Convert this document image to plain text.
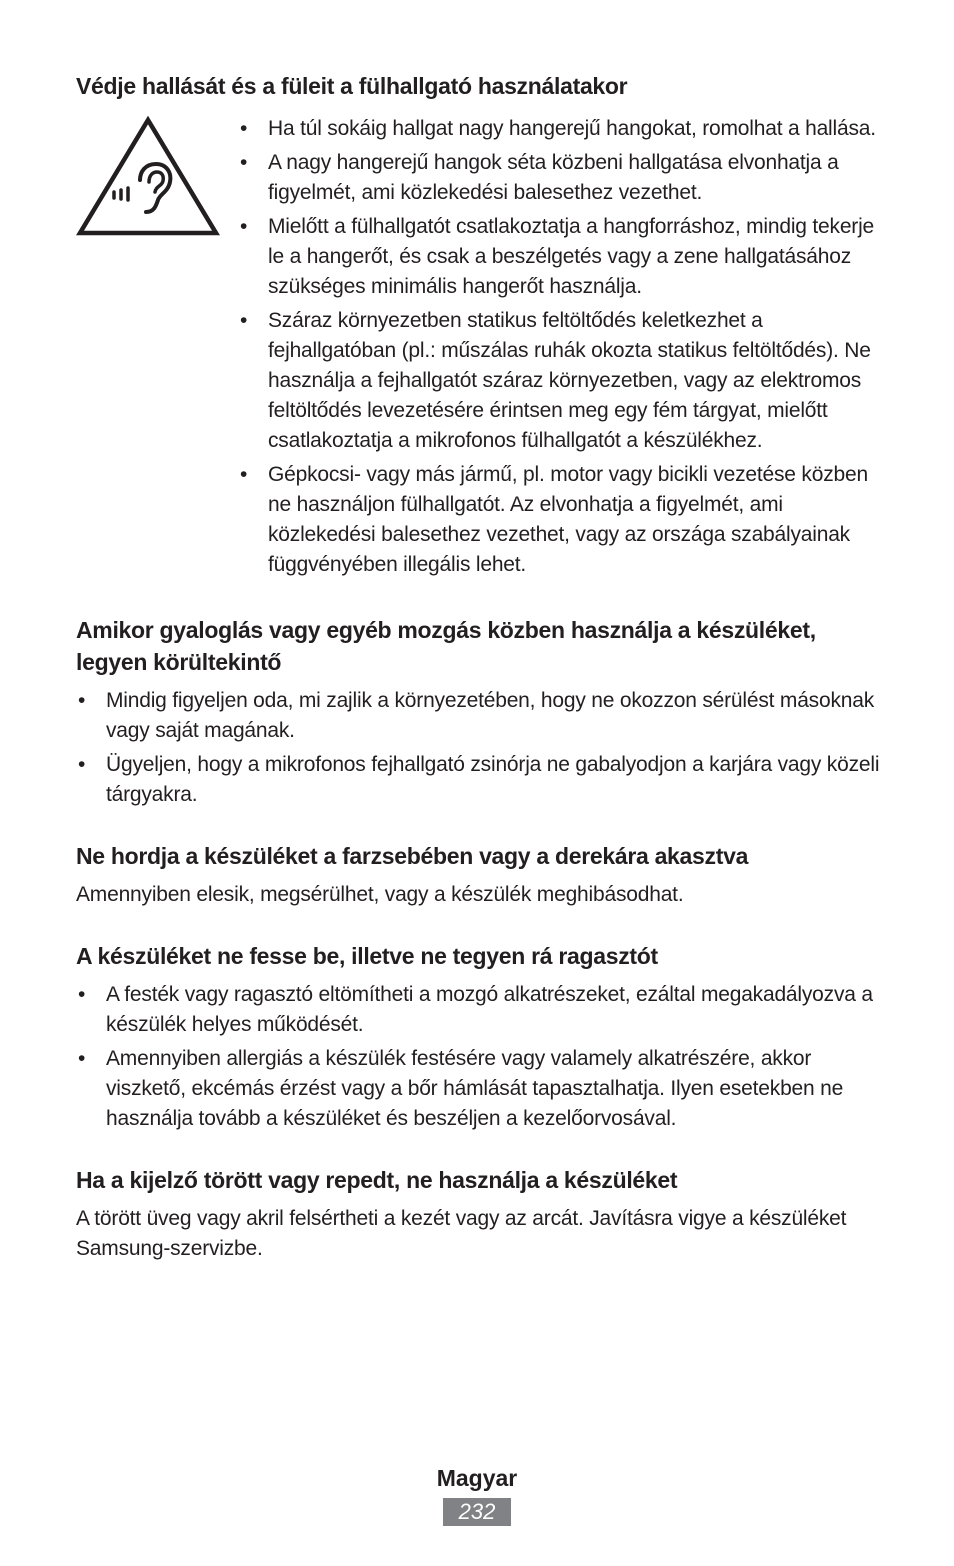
Védje hallását és a füleit a fülhallgató használatakor
• Ha túl sokáig hallgat nagy hangerejű hangokat, romolhat a hallása.
• A nagy hangerejű hangok séta közbeni hallgatása elvonhatja a figyelmét, ami közlekedési balesethez vezethet.
• Mielőtt a fülhallgatót csatlakoztatja a hangforráshoz, mindig tekerje le a hangerőt, és csak a beszélgetés vagy a zene hallgatásához szükséges minimális hangerőt használja.
• Száraz környezetben statikus feltöltődés keletkezhet a fejhallgatóban (pl.: műszálas ruhák okozta statikus feltöltődés). Ne használja a fejhallgatót száraz környezetben, vagy az elektromos feltöltődés levezetésére érintsen meg egy fém tárgyat, mielőtt csatlakoztatja a mikrofonos fülhallgatót a készülékhez.
• Gépkocsi- vagy más jármű, pl. motor vagy bicikli vezetése közben ne használjon fülhallgatót. Az elvonhatja a figyelmét, ami közlekedési balesethez vezethet, vagy az országa szabályainak függvényében illegális lehet.
Amikor gyaloglás vagy egyéb mozgás közben használja a készüléket, legyen körültekintő
• Mindig figyeljen oda, mi zajlik a környezetében, hogy ne okozzon sérülést másoknak vagy saját magának.
• Ügyeljen, hogy a mikrofonos fejhallgató zsinórja ne gabalyodjon a karjára vagy közeli tárgyakra.
Ne hordja a készüléket a farzsebében vagy a derekára akasztva

Amennyiben elesik, megsérülhet, vagy a készülék meghibásodhat.

A készüléket ne fesse be, illetve ne tegyen rá ragasztót
• A festék vagy ragasztó eltömítheti a mozgó alkatrészeket, ezáltal megakadályozva a készülék helyes működését.
• Amennyiben allergiás a készülék festésére vagy valamely alkatrészére, akkor viszkető, ekcémás érzést vagy a bőr hámlását tapasztalhatja. Ilyen esetekben ne használja tovább a készüléket és beszéljen a kezelőorvosával.
Ha a kijelző törött vagy repedt, ne használja a készüléket

A törött üveg vagy akril felsértheti a kezét vagy az arcát. Javításra vigye a készüléket Samsung-szervizbe.

Magyar
232
